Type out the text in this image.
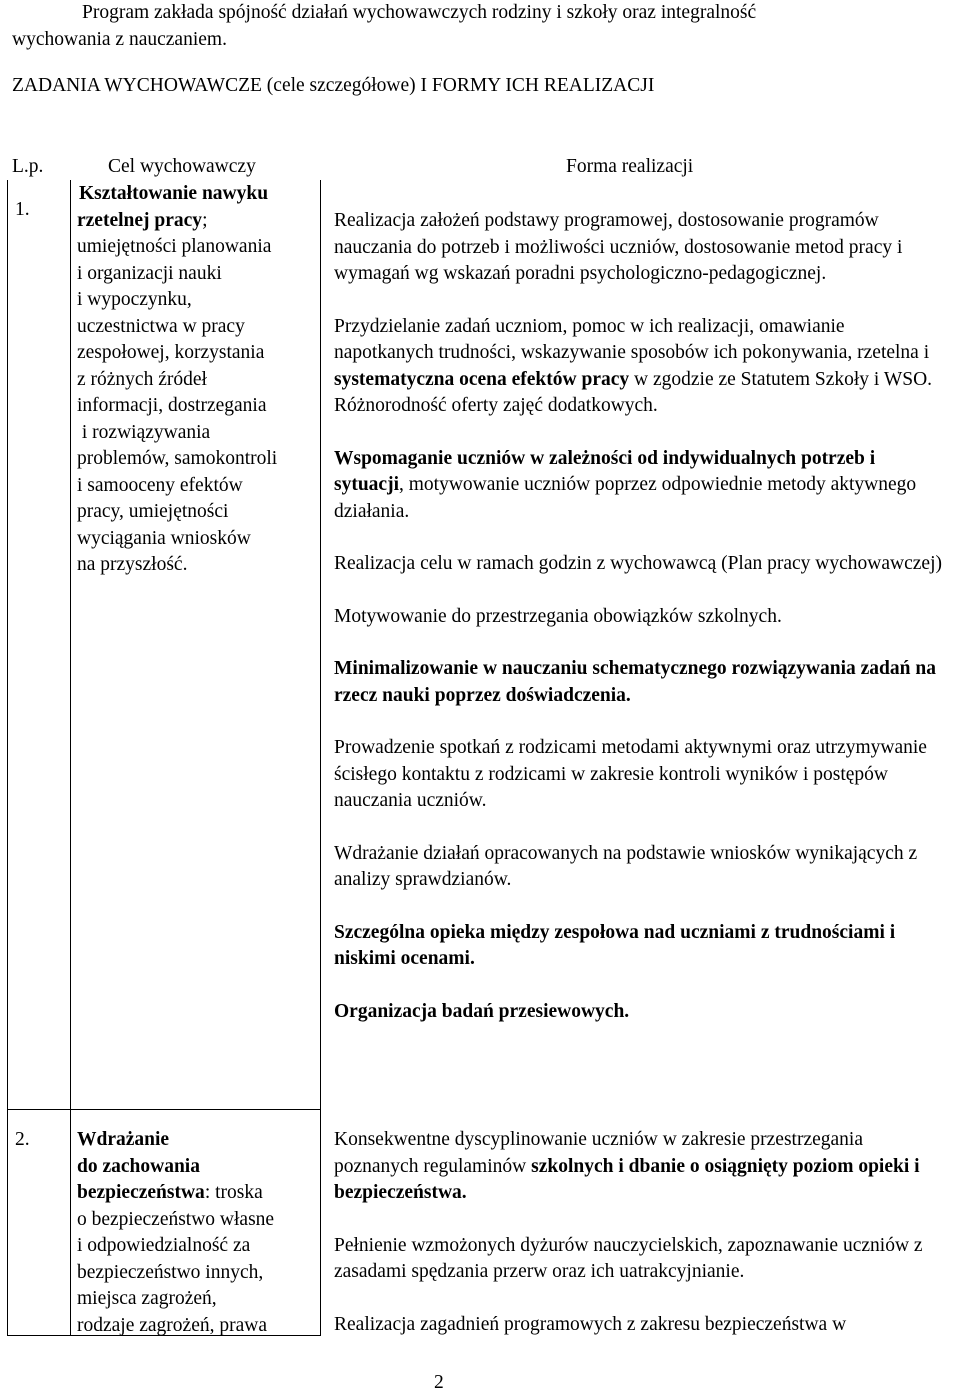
Program zakłada spójność działań wychowawczych rodziny i szkoły oraz integralność
wychowania z nauczaniem.
ZADANIA WYCHOWAWCZE (cele szczegółowe) I FORMY ICH REALIZACJI
L.p.	Cel wychowawczy	Forma realizacji
1.
Kształtowanie nawyku
rzetelnej pracy;
umiejętności planowania
i organizacji nauki
i wypoczynku,
uczestnictwa w pracy
zespołowej, korzystania
z różnych źródeł
informacji, dostrzegania
i rozwiązywania
problemów, samokontroli
i samooceny efektów
pracy, umiejętności
wyciągania wniosków
na przyszłość.

Realizacja założeń podstawy programowej, dostosowanie programów nauczania do potrzeb i możliwości uczniów, dostosowanie metod pracy i wymagań wg wskazań poradni psychologiczno-pedagogicznej.

Przydzielanie zadań uczniom, pomoc w ich realizacji, omawianie napotkanych trudności, wskazywanie sposobów ich pokonywania, rzetelna i systematyczna ocena efektów pracy w zgodzie ze Statutem Szkoły i WSO.
Różnorodność oferty zajęć dodatkowych.

Wspomaganie uczniów w zależności od indywidualnych potrzeb i sytuacji, motywowanie uczniów poprzez odpowiednie metody aktywnego działania.

Realizacja celu w ramach godzin z wychowawcą (Plan pracy wychowawczej)

Motywowanie do przestrzegania obowiązków szkolnych.

Minimalizowanie w nauczaniu schematycznego rozwiązywania zadań na rzecz nauki poprzez doświadczenia.

Prowadzenie spotkań z rodzicami metodami aktywnymi oraz utrzymywanie ścisłego kontaktu z rodzicami w zakresie kontroli wyników i postępów nauczania uczniów.

Wdrażanie działań opracowanych na podstawie wniosków wynikających z analizy sprawdzianów.

Szczególna opieka między zespołowa nad uczniami z trudnościami i niskimi ocenami.

Organizacja badań przesiewowych.

2. Wdrażanie
do zachowania
bezpieczeństwa: troska
o bezpieczeństwo własne
i odpowiedzialność za
bezpieczeństwo innych,
miejsca zagrożeń,
rodzaje zagrożeń, prawa

Konsekwentne dyscyplinowanie uczniów w zakresie przestrzegania poznanych regulaminów szkolnych i dbanie o osiągnięty poziom opieki i bezpieczeństwa.

Pełnienie wzmożonych dyżurów nauczycielskich, zapoznawanie uczniów z zasadami spędzania przerw oraz ich uatrakcyjnianie.

Realizacja zagadnień programowych z zakresu bezpieczeństwa w

2
